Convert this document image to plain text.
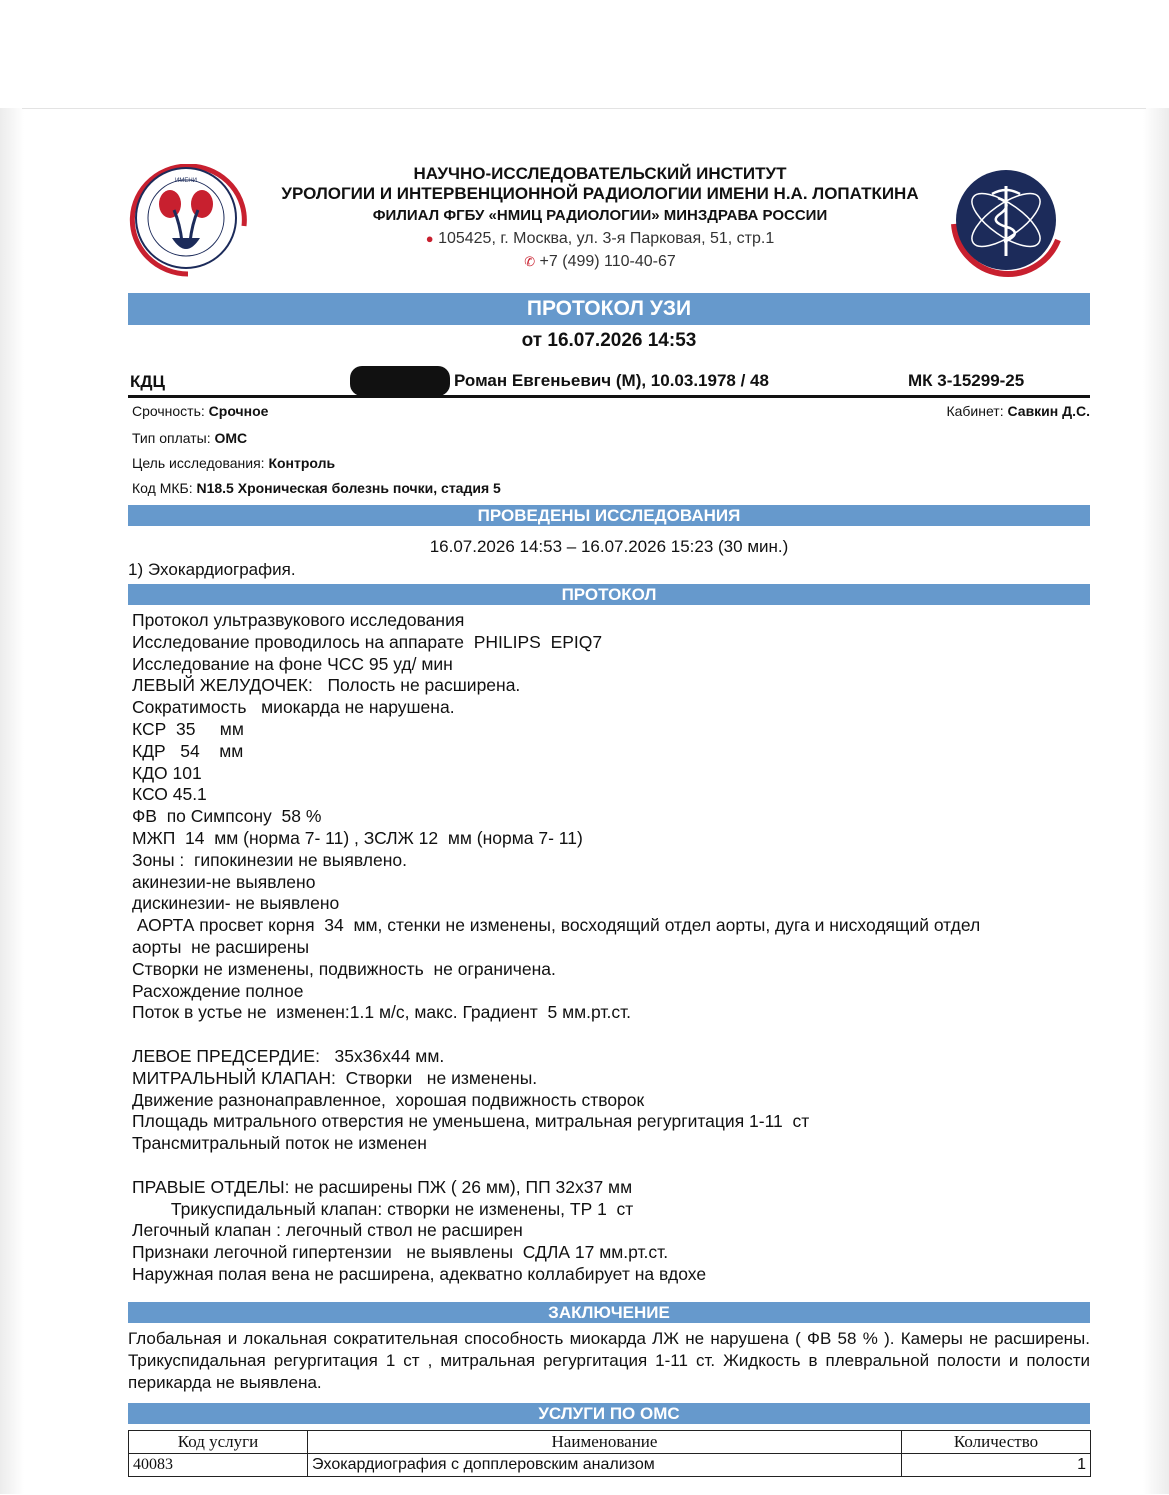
ИМЕНИ	НАУЧНО-ИССЛЕДОВАТЕЛЬСКИЙ ИНСТИТУТ
УРОЛОГИИ И ИНТЕРВЕНЦИОННОЙ РАДИОЛОГИИ ИМЕНИ Н.А. ЛОПАТКИНА
ФИЛИАЛ ФГБУ «НМИЦ РАДИОЛОГИИ» МИНЗДРАВА РОССИИ
● 105425, г. Москва, ул. 3-я Парковая, 51, стр.1
✆ +7 (499) 110-40-67
ПРОТОКОЛ УЗИ
от 16.07.2026 14:53
КДЦ	Роман Евгеньевич (М), 10.03.1978 / 48	МК 3-15299-25
Срочность: Срочное	Кабинет: Савкин Д.С.
Тип оплаты: ОМС
Цель исследования: Контроль
Код МКБ: N18.5 Хроническая болезнь почки, стадия 5
ПРОВЕДЕНЫ ИССЛЕДОВАНИЯ
16.07.2026 14:53 – 16.07.2026 15:23 (30 мин.)
1) Эхокардиография.
ПРОТОКОЛ
Протокол ультразвукового исследования
Исследование проводилось на аппарате  PHILIPS  EPIQ7
Исследование на фоне ЧСС 95 уд/ мин
ЛЕВЫЙ ЖЕЛУДОЧЕК:   Полость не расширена.
Сократимость   миокарда не нарушена.
КСР  35     мм
КДР   54    мм
КДО 101
КСО 45.1
ФВ  по Симпсону  58 %
МЖП  14  мм (норма 7- 11) , ЗСЛЖ 12  мм (норма 7- 11)
Зоны :  гипокинезии не выявлено.
акинезии-не выявлено
дискинезии- не выявлено
АОРТА просвет корня  34  мм, стенки не изменены, восходящий отдел аорты, дуга и нисходящий отдел
аорты  не расширены
Створки не изменены, подвижность  не ограничена.
Расхождение полное
Поток в устье не  изменен:1.1 м/с, макс. Градиент  5 мм.рт.ст.
ЛЕВОЕ ПРЕДСЕРДИЕ:   35x36x44 мм.
МИТРАЛЬНЫЙ КЛАПАН:  Створки   не изменены.
Движение разнонаправленное,  хорошая подвижность створок
Площадь митрального отверстия не уменьшена, митральная регургитация 1-11  ст
Трансмитральный поток не изменен
ПРАВЫЕ ОТДЕЛЫ: не расширены ПЖ ( 26 мм), ПП 32x37 мм
Трикуспидальный клапан: створки не изменены, ТР 1  ст
Легочный клапан : легочный ствол не расширен
Признаки легочной гипертензии   не выявлены  СДЛА 17 мм.рт.ст.
Наружная полая вена не расширена, адекватно коллабирует на вдохе
ЗАКЛЮЧЕНИЕ
Глобальная и локальная сократительная способность миокарда ЛЖ не нарушена ( ФВ 58 % ). Камеры не расширены. Трикуспидальная регургитация 1 ст , митральная регургитация 1-11 ст. Жидкость в плевральной полости и полости перикарда не выявлена.
УСЛУГИ ПО ОМС
Код услуги	Наименование	Количество
40083	Эхокардиография с допплеровским анализом	1
